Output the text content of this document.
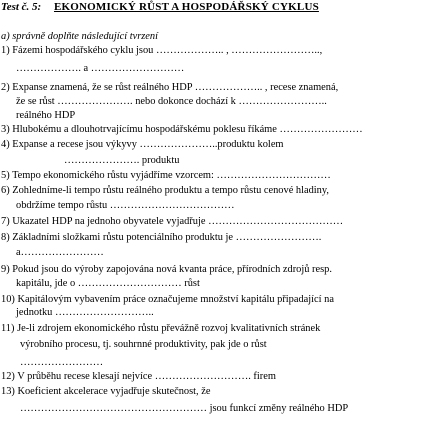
Test č. 5: EKONOMICKÝ RŮST A HOSPODÁŘSKÝ CYKLUS
a) správně doplňte následující tvrzení
1) Fázemi hospodářského cyklu jsou ……………….. , ……………………..,
………………. a ………………………
2) Expanse znamená, že se růst reálného HDP ……………….. , recese znamená,
že se růst …………………. nebo dokonce dochází k ……………………..
reálného HDP
3) Hlubokému a dlouhotrvajícímu hospodářskému poklesu říkáme ……………………
4) Expanse a recese jsou výkyvy …………………..produktu kolem
…………………. produktu
5) Tempo ekonomického růstu vyjádříme vzorcem: ……………………………
6) Zohledníme-li tempo růstu reálného produktu a tempo růstu cenové hladiny,
obdržíme tempo růstu ………………………………
7) Ukazatel HDP na jednoho obyvatele vyjadřuje …………………………………
8) Základními složkami růstu potenciálního produktu je …………………….
a……………………
9) Pokud jsou do výroby zapojována nová kvanta práce, přírodních zdrojů resp.
kapitálu, jde o ………………………… růst
10) Kapitálovým vybavením práce označujeme množství kapitálu připadající na
jednotku ………………………..
11) Je-li zdrojem ekonomického růstu převážně rozvoj kvalitativních stránek
výrobního procesu, tj. souhrnné produktivity, pak jde o růst
……………………
12) V průběhu recese klesají nejvíce ………………………. firem
13) Koeficient akcelerace vyjadřuje skutečnost, že
……………………………………………… jsou funkcí změny reálného HDP
